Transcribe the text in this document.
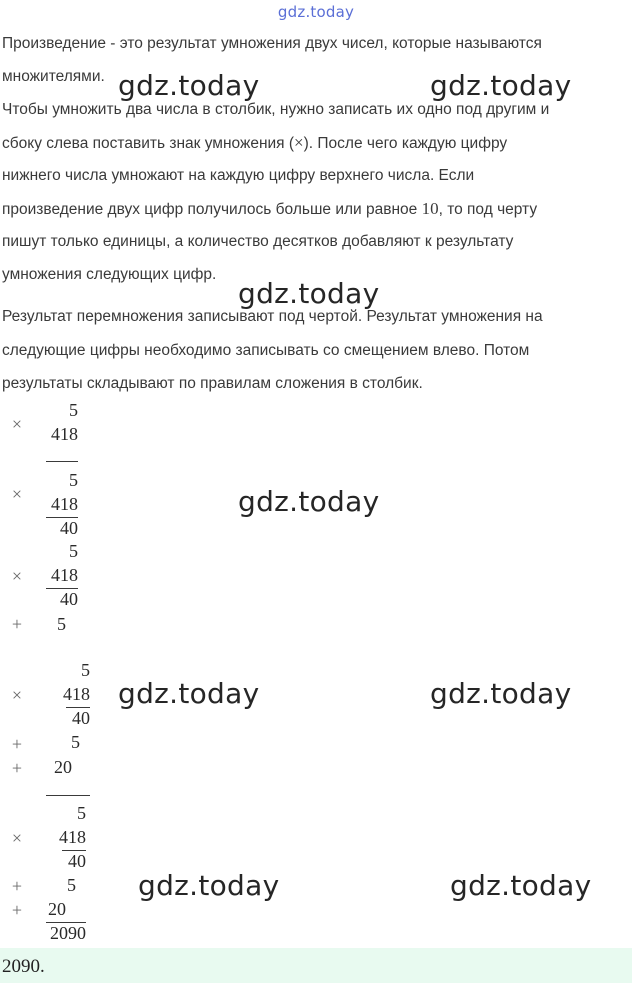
gdz.today
Произведение - это результат умножения двух чисел, которые называются
множителями.
Чтобы умножить два числа в столбик, нужно записать их одно под другим и
сбоку слева поставить знак умножения (×). После чего каждую цифру
нижнего числа умножают на каждую цифру верхнего числа. Если
произведение двух цифр получилось больше или равное 10, то под черту
пишут только единицы, а количество десятков добавляют к результату
умножения следующих цифр.
Результат перемножения записывают под чертой. Результат умножения на
следующие цифры необходимо записывать со смещением влево. Потом
результаты складывают по правилам сложения в столбик.
5
×	418
5
×	418
40
5
×	418
40
+	5
5
×	418
40
+	5
+	20
5
×	418
40
+	5
+	20
2090
gdz.today	gdz.today
gdz.today
gdz.today
gdz.today	gdz.today
gdz.today	gdz.today
2090.
